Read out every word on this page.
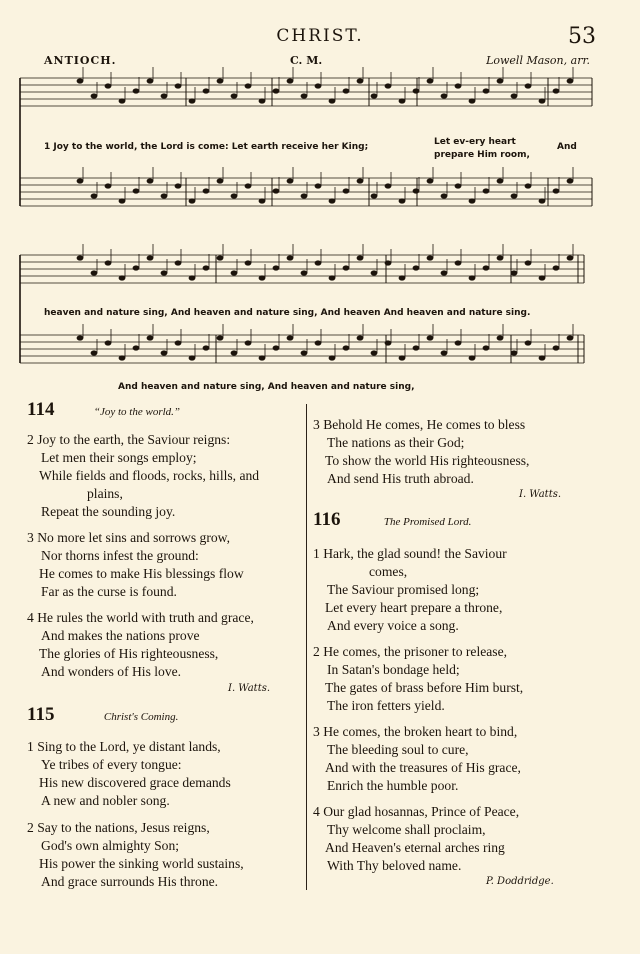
CHRIST.	53
ANTIOCH.	C. M.	Lowell Mason, arr.
1 Joy to the world, the Lord is come: Let earth receive her King;	Let ev-ery heart
prepare Him room,
And
heaven and nature sing, And heaven and nature sing, And heaven And heaven and nature sing.
And heaven and nature sing, And heaven and nature sing,
114	“Joy to the world.”
2 Joy to the earth, the Saviour reigns:
Let men their songs employ;
While fields and floods, rocks, hills, and
plains,
Repeat the sounding joy.
3 No more let sins and sorrows grow,
Nor thorns infest the ground:
He comes to make His blessings flow
Far as the curse is found.
4 He rules the world with truth and grace,
And makes the nations prove
The glories of His righteousness,
And wonders of His love.
I. Watts.
115	Christ's Coming.
1 Sing to the Lord, ye distant lands,
Ye tribes of every tongue:
His new discovered grace demands
A new and nobler song.
2 Say to the nations, Jesus reigns,
God's own almighty Son;
His power the sinking world sustains,
And grace surrounds His throne.
3 Behold He comes, He comes to bless
The nations as their God;
To show the world His righteousness,
And send His truth abroad.
I. Watts.
116	The Promised Lord.
1 Hark, the glad sound! the Saviour
comes,
The Saviour promised long;
Let every heart prepare a throne,
And every voice a song.
2 He comes, the prisoner to release,
In Satan's bondage held;
The gates of brass before Him burst,
The iron fetters yield.
3 He comes, the broken heart to bind,
The bleeding soul to cure,
And with the treasures of His grace,
Enrich the humble poor.
4 Our glad hosannas, Prince of Peace,
Thy welcome shall proclaim,
And Heaven's eternal arches ring
With Thy beloved name.
P. Doddridge.
